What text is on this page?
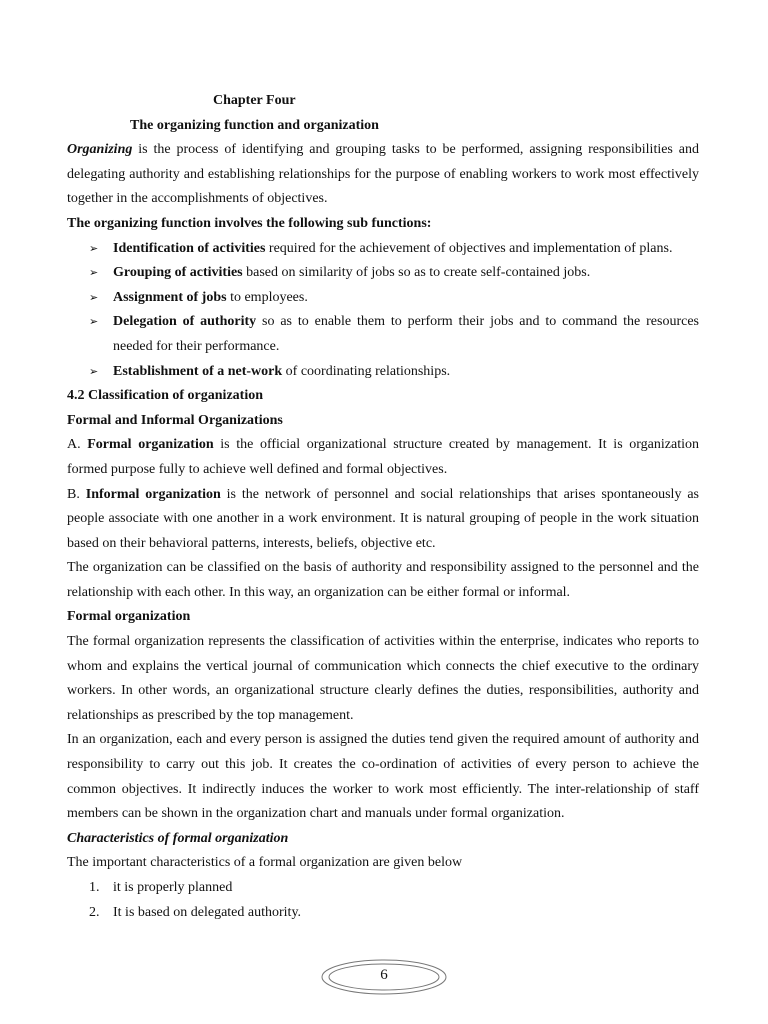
Chapter Four
The organizing function and organization

Organizing is the process of identifying and grouping tasks to be performed, assigning responsibilities and delegating authority and establishing relationships for the purpose of enabling workers to work most effectively together in the accomplishments of objectives.

The organizing function involves the following sub functions:
➢ Identification of activities required for the achievement of objectives and implementation of plans.
➢ Grouping of activities based on similarity of jobs so as to create self-contained jobs.
➢ Assignment of jobs to employees.
➢ Delegation of authority so as to enable them to perform their jobs and to command the resources needed for their performance.
➢ Establishment of a net-work of coordinating relationships.
4.2 Classification of organization
Formal and Informal Organizations

A. Formal organization is the official organizational structure created by management. It is organization formed purpose fully to achieve well defined and formal objectives.

B. Informal organization is the network of personnel and social relationships that arises spontaneously as people associate with one another in a work environment. It is natural grouping of people in the work situation based on their behavioral patterns, interests, beliefs, objective etc.

The organization can be classified on the basis of authority and responsibility assigned to the personnel and the relationship with each other. In this way, an organization can be either formal or informal.

Formal organization

The formal organization represents the classification of activities within the enterprise, indicates who reports to whom and explains the vertical journal of communication which connects the chief executive to the ordinary workers. In other words, an organizational structure clearly defines the duties, responsibilities, authority and relationships as prescribed by the top management.

In an organization, each and every person is assigned the duties tend given the required amount of authority and responsibility to carry out this job. It creates the co-ordination of activities of every person to achieve the common objectives. It indirectly induces the worker to work most efficiently. The inter-relationship of staff members can be shown in the organization chart and manuals under formal organization.

Characteristics of formal organization
The important characteristics of a formal organization are given below
1. it is properly planned
2. It is based on delegated authority.
6
